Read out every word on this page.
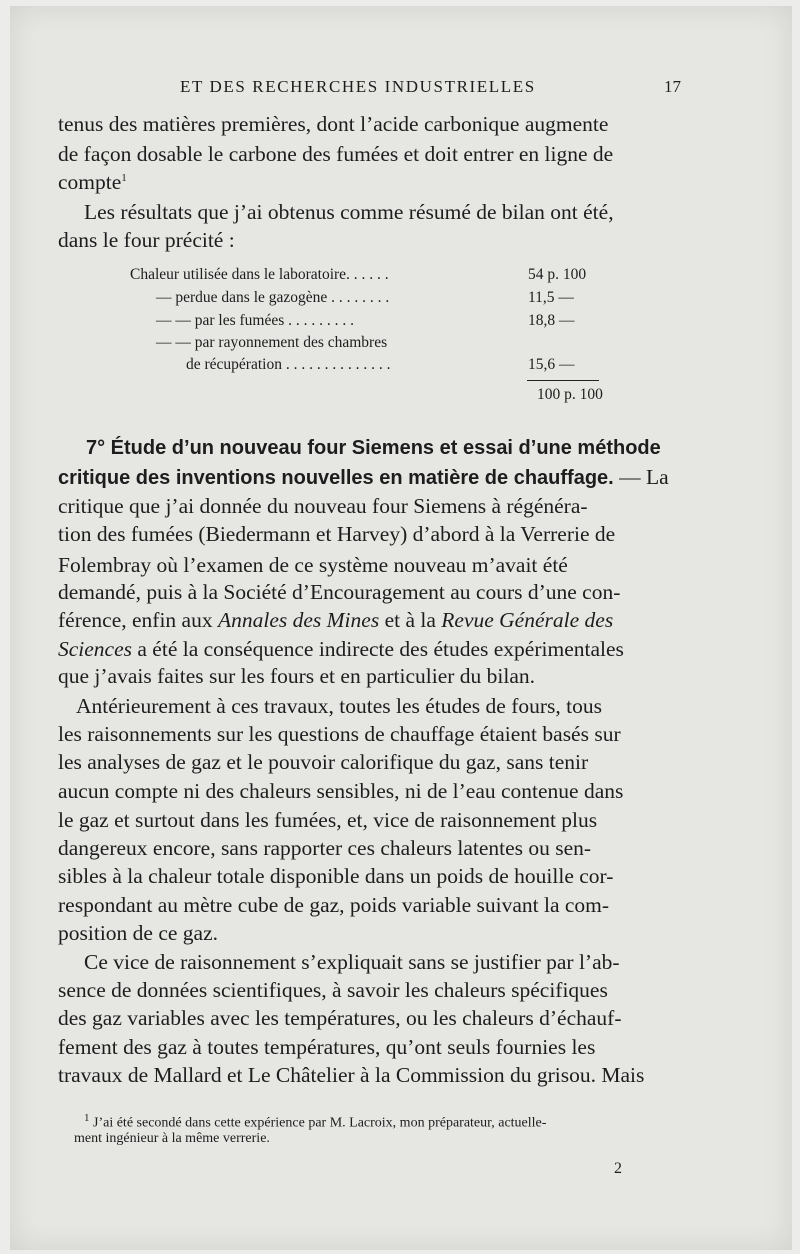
ET DES RECHERCHES INDUSTRIELLES	17
tenus des matières premières, dont l’acide carbonique augmente
de façon dosable le carbone des fumées et doit entrer en ligne de
compte$^1$
Les résultats que j’ai obtenus comme résumé de bilan ont été,
dans le four précité :
Chaleur utilisée dans le laboratoire. . . . . .	54 p. 100
— perdue dans le gazogène . . . . . . . .	11,5 —
— — par les fumées . . . . . . . . .	18,8 —
— — par rayonnement des chambres
de récupération . . . . . . . . . . . . . .	15,6 —
100 p. 100
7° Étude d’un nouveau four Siemens et essai d’une méthode
critique des inventions nouvelles en matière de chauffage. — La
critique que j’ai donnée du nouveau four Siemens à régénéra-
tion des fumées (Biedermann et Harvey) d’abord à la Verrerie de
Folembray où l’examen de ce système nouveau m’avait été
demandé, puis à la Société d’Encouragement au cours d’une con-
férence, enfin aux Annales des Mines et à la Revue Générale des
Sciences a été la conséquence indirecte des études expérimentales
que j’avais faites sur les fours et en particulier du bilan.
Antérieurement à ces travaux, toutes les études de fours, tous
les raisonnements sur les questions de chauffage étaient basés sur
les analyses de gaz et le pouvoir calorifique du gaz, sans tenir
aucun compte ni des chaleurs sensibles, ni de l’eau contenue dans
le gaz et surtout dans les fumées, et, vice de raisonnement plus
dangereux encore, sans rapporter ces chaleurs latentes ou sen-
sibles à la chaleur totale disponible dans un poids de houille cor-
respondant au mètre cube de gaz, poids variable suivant la com-
position de ce gaz.
Ce vice de raisonnement s’expliquait sans se justifier par l’ab-
sence de données scientifiques, à savoir les chaleurs spécifiques
des gaz variables avec les températures, ou les chaleurs d’échauf-
fement des gaz à toutes températures, qu’ont seuls fournies les
travaux de Mallard et Le Châtelier à la Commission du grisou. Mais
$^1$ J’ai été secondé dans cette expérience par M. Lacroix, mon préparateur, actuelle-
ment ingénieur à la même verrerie.
2
